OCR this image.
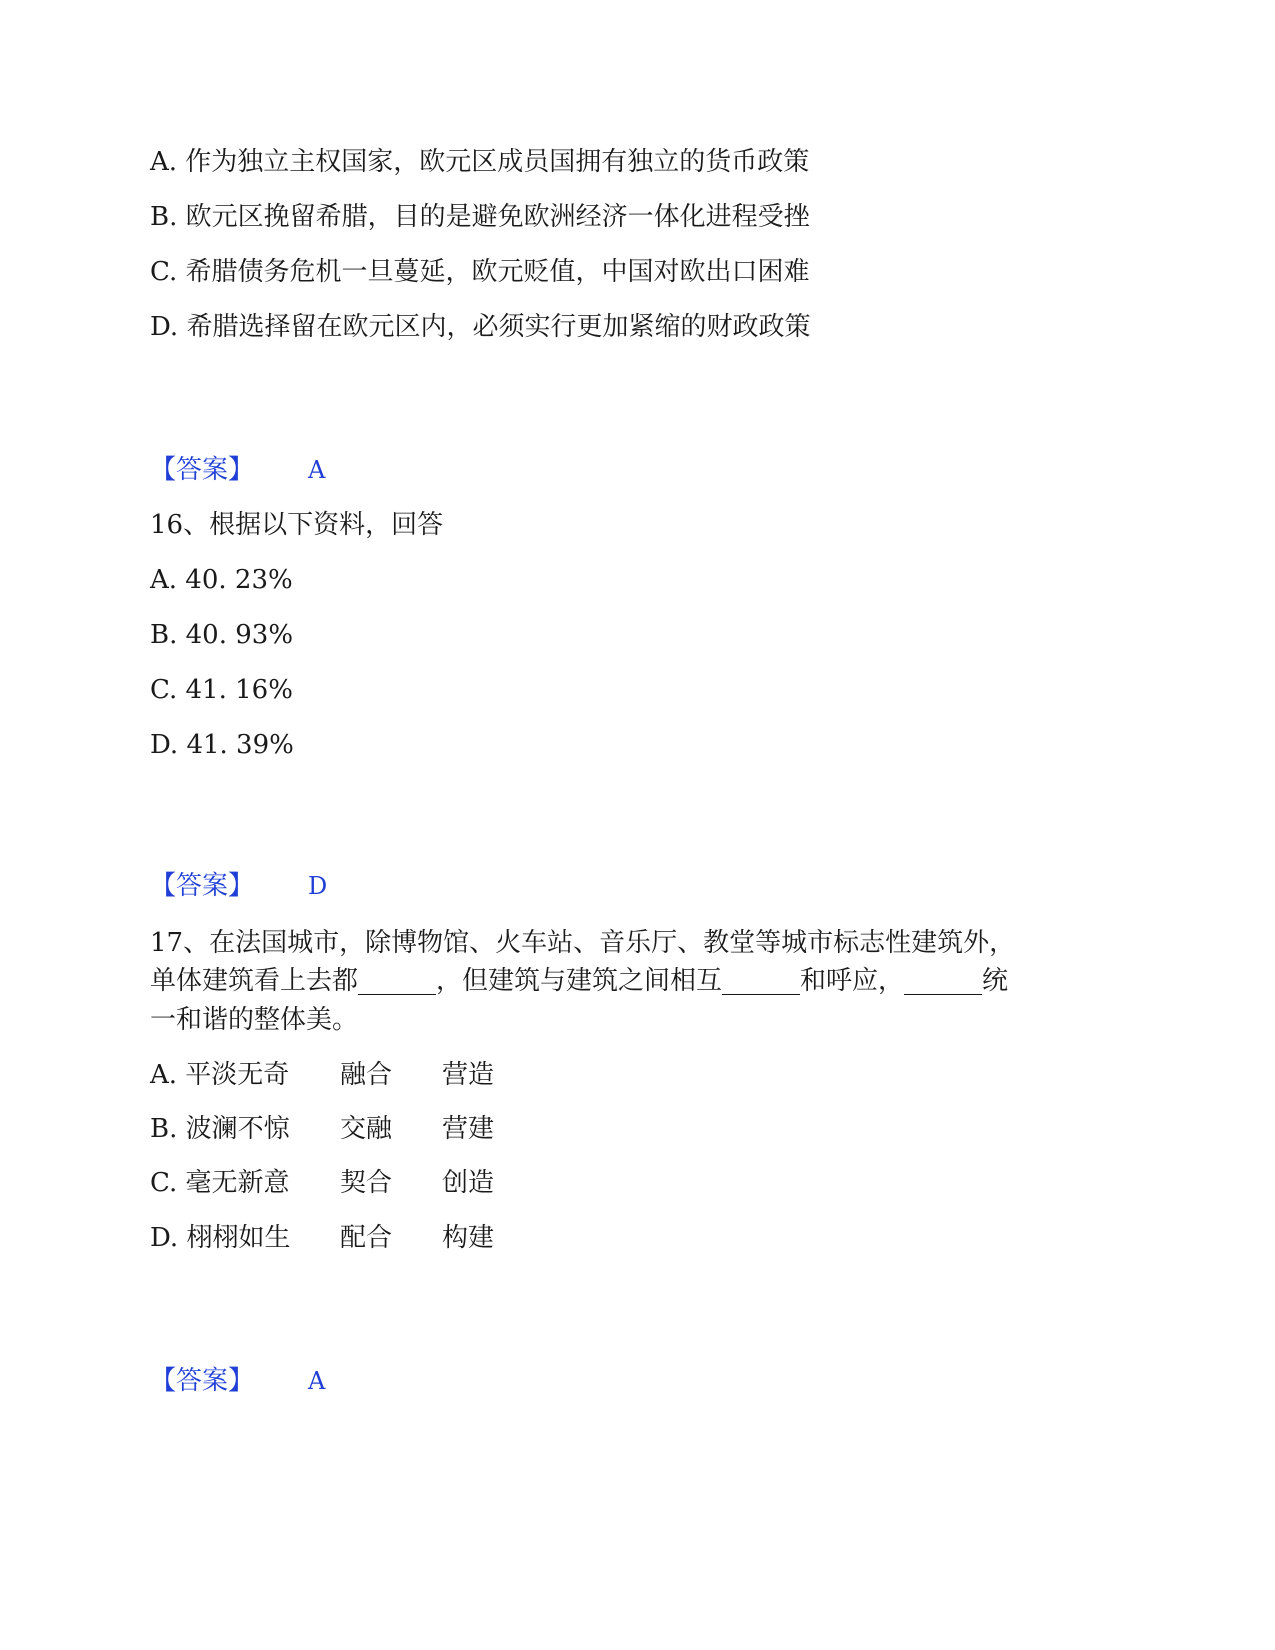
A. 作为独立主权国家，欧元区成员国拥有独立的货币政策
B. 欧元区挽留希腊，目的是避免欧洲经济一体化进程受挫
C. 希腊债务危机一旦蔓延，欧元贬值，中国对欧出口困难
D. 希腊选择留在欧元区内，必须实行更加紧缩的财政政策
【答案】 A
16、根据以下资料，回答
A. 40. 23%
B. 40. 93%
C. 41. 16%
D. 41. 39%
【答案】 D
17、在法国城市，除博物馆、火车站、音乐厅、教堂等城市标志性建筑外，
单体建筑看上去都______，但建筑与建筑之间相互______和呼应，______统
一和谐的整体美。
A. 平淡无奇 融合 营造
B. 波澜不惊 交融 营建
C. 毫无新意 契合 创造
D. 栩栩如生 配合 构建
【答案】 A
